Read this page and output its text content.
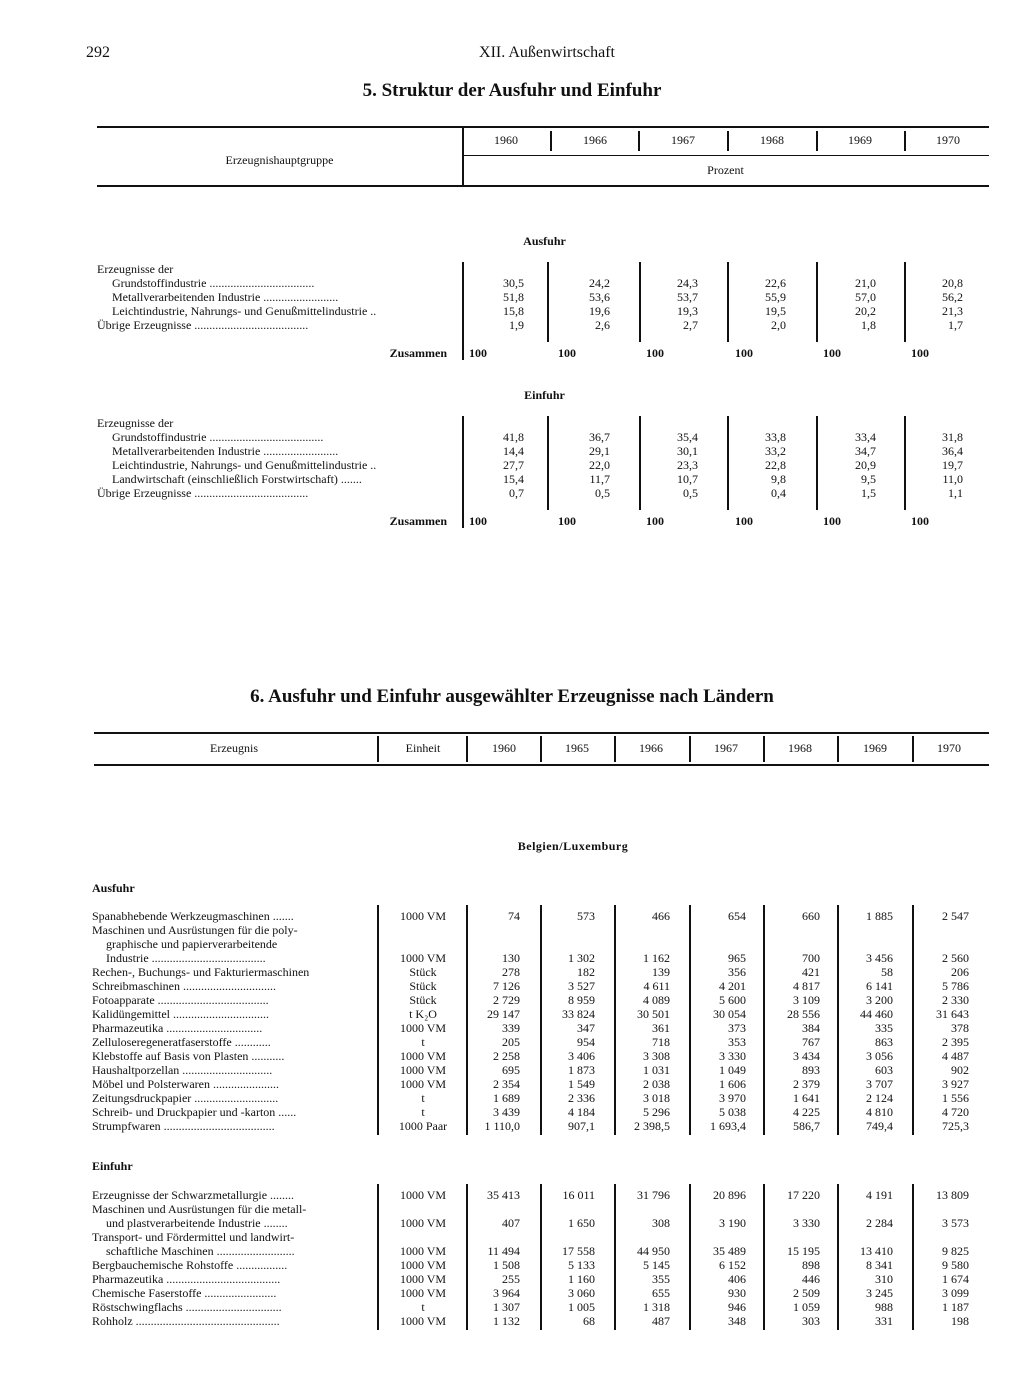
292	XII. Außenwirtschaft
5. Struktur der Ausfuhr und Einfuhr
Erzeugnishauptgruppe
1960	1966	1967	1968	1969	1970
Prozent
Ausfuhr
Erzeugnisse der
Grundstoffindustrie ...................................	30,5	24,2	24,3	22,6	21,0	20,8
Metallverarbeitenden Industrie .........................	51,8	53,6	53,7	55,9	57,0	56,2
Leichtindustrie, Nahrungs- und Genußmittelindustrie ..	15,8	19,6	19,3	19,5	20,2	21,3
Übrige Erzeugnisse ......................................	1,9	2,6	2,7	2,0	1,8	1,7
Zusammen	100	100	100	100	100	100
Einfuhr
Erzeugnisse der
Grundstoffindustrie ......................................	41,8	36,7	35,4	33,8	33,4	31,8
Metallverarbeitenden Industrie .........................	14,4	29,1	30,1	33,2	34,7	36,4
Leichtindustrie, Nahrungs- und Genußmittelindustrie ..	27,7	22,0	23,3	22,8	20,9	19,7
Landwirtschaft (einschließlich Forstwirtschaft) .......	15,4	11,7	10,7	9,8	9,5	11,0
Übrige Erzeugnisse ......................................	0,7	0,5	0,5	0,4	1,5	1,1
Zusammen	100	100	100	100	100	100
6. Ausfuhr und Einfuhr ausgewählter Erzeugnisse nach Ländern
Erzeugnis	Einheit	1960	1965	1966	1967	1968	1969	1970
Belgien/Luxemburg
Ausfuhr
Spanabhebende Werkzeugmaschinen .......	1000 VM	74	573	466	654	660	1 885	2 547
Maschinen und Ausrüstungen für die poly-
graphische und papierverarbeitende
Industrie ......................................	1000 VM	130	1 302	1 162	965	700	3 456	2 560
Rechen-, Buchungs- und Fakturiermaschinen	Stück	278	182	139	356	421	58	206
Schreibmaschinen ...............................	Stück	7 126	3 527	4 611	4 201	4 817	6 141	5 786
Fotoapparate .....................................	Stück	2 729	8 959	4 089	5 600	3 109	3 200	2 330
Kalidüngemittel ................................	t K₂O	29 147	33 824	30 501	30 054	28 556	44 460	31 643
Pharmazeutika ................................	1000 VM	339	347	361	373	384	335	378
Zelluloseregeneratfaserstoffe ............	t	205	954	718	353	767	863	2 395
Klebstoffe auf Basis von Plasten ...........	1000 VM	2 258	3 406	3 308	3 330	3 434	3 056	4 487
Haushaltporzellan ..............................	1000 VM	695	1 873	1 031	1 049	893	603	902
Möbel und Polsterwaren ......................	1000 VM	2 354	1 549	2 038	1 606	2 379	3 707	3 927
Zeitungsdruckpapier ............................	t	1 689	2 336	3 018	3 970	1 641	2 124	1 556
Schreib- und Druckpapier und -karton ......	t	3 439	4 184	5 296	5 038	4 225	4 810	4 720
Strumpfwaren .....................................	1000 Paar	1 110,0	907,1	2 398,5	1 693,4	586,7	749,4	725,3
Einfuhr
Erzeugnisse der Schwarzmetallurgie ........	1000 VM	35 413	16 011	31 796	20 896	17 220	4 191	13 809
Maschinen und Ausrüstungen für die metall-
und plastverarbeitende Industrie ........	1000 VM	407	1 650	308	3 190	3 330	2 284	3 573
Transport- und Fördermittel und landwirt-
schaftliche Maschinen ..........................	1000 VM	11 494	17 558	44 950	35 489	15 195	13 410	9 825
Bergbauchemische Rohstoffe .................	1000 VM	1 508	5 133	5 145	6 152	898	8 341	9 580
Pharmazeutika ......................................	1000 VM	255	1 160	355	406	446	310	1 674
Chemische Faserstoffe ........................	1000 VM	3 964	3 060	655	930	2 509	3 245	3 099
Röstschwingflachs ................................	t	1 307	1 005	1 318	946	1 059	988	1 187
Rohholz ................................................	1000 VM	1 132	68	487	348	303	331	198
